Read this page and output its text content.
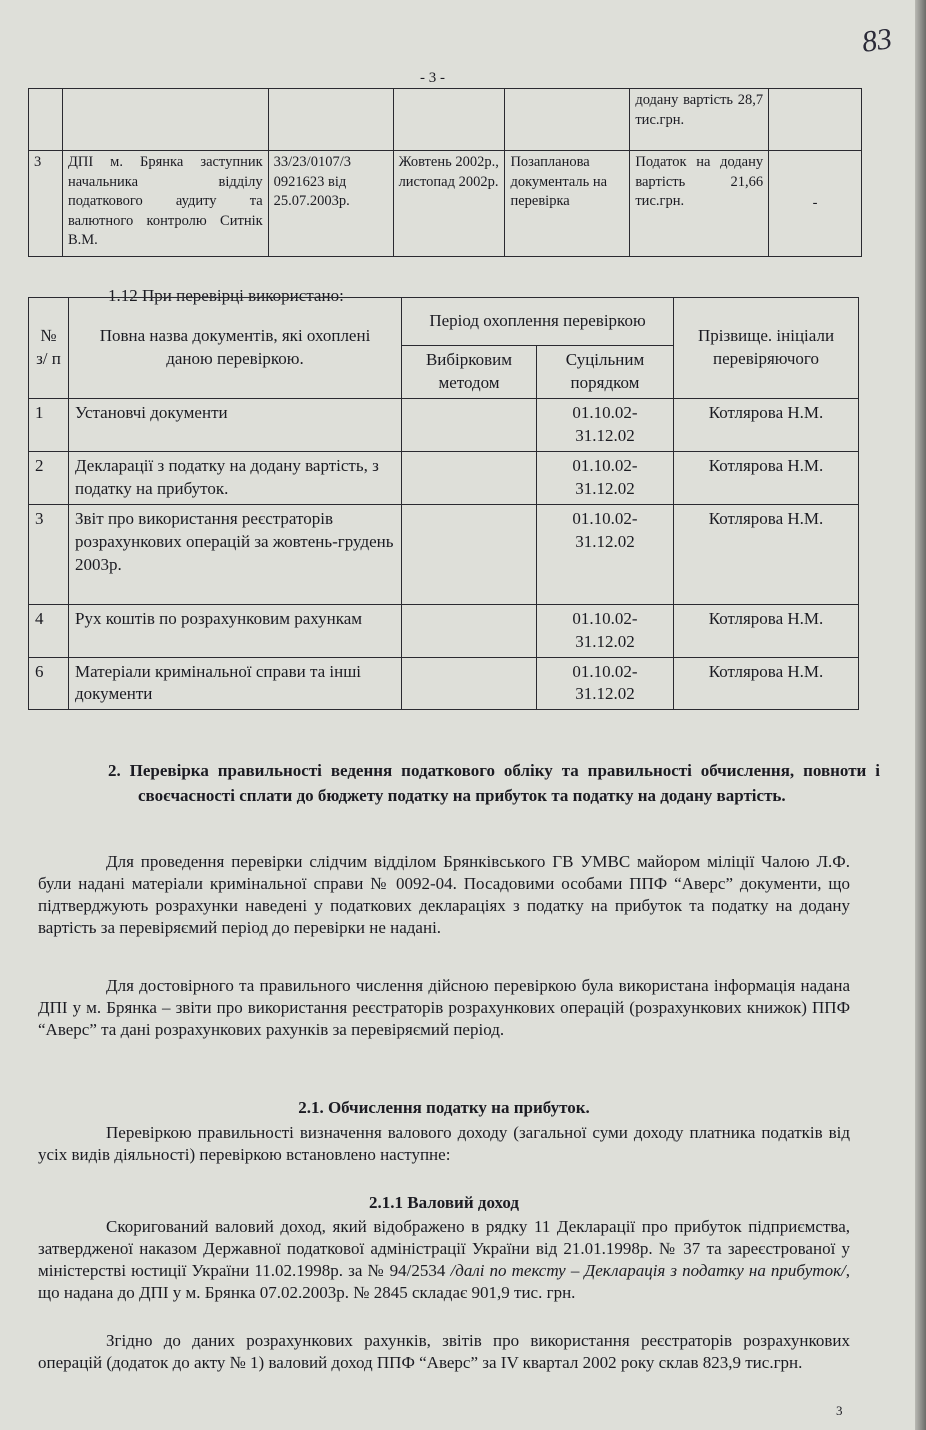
83
- 3 -
					додану вартість 28,7 тис.грн.	
3	ДПІ м. Брянка заступник начальника відділу податкового аудиту та валютного контролю Ситнік В.М.	33/23/0107/3 0921623 від 25.07.2003р.	Жовтень 2002р., листопад 2002р.	Позапланова документаль на перевірка	Податок на додану вартість 21,66 тис.грн.	-
1.12 При перевірці використано:
№ з/ п	Повна назва документів, які охоплені даною перевіркою.	Період охоплення перевіркою		Прізвище. ініціали перевіряючого
		Вибірковим методом	Суцільним порядком	
1	Установчі документи		01.10.02-31.12.02	Котлярова Н.М.
2	Декларації з податку на додану вартість, з податку на прибуток.		01.10.02-31.12.02	Котлярова Н.М.
3	Звіт про використання реєстраторів розрахункових операцій за жовтень-грудень 2003р.		01.10.02-31.12.02	Котлярова Н.М.
4	Рух коштів по розрахунковим рахункам		01.10.02-31.12.02	Котлярова Н.М.
6	Матеріали кримінальної справи та інші документи		01.10.02-31.12.02	Котлярова Н.М.
2. Перевірка правильності ведення податкового обліку та правильності обчислення, повноти і своєчасності сплати до бюджету податку на прибуток та податку на додану вартість.
Для проведення перевірки слідчим відділом Брянківського ГВ УМВС майором міліції Чалою Л.Ф. були надані матеріали кримінальної справи № 0092-04. Посадовими особами ППФ “Аверс” документи, що підтверджують розрахунки наведені у податкових деклараціях з податку на прибуток та податку на додану вартість за перевіряємий період до перевірки не надані.
Для достовірного та правильного числення дійсною перевіркою була використана інформація надана ДПІ у м. Брянка – звіти про використання реєстраторів розрахункових операцій (розрахункових книжок) ППФ “Аверс” та дані розрахункових рахунків за перевіряємий період.
2.1. Обчислення податку на прибуток.
Перевіркою правильності визначення валового доходу (загальної суми доходу платника податків від усіх видів діяльності) перевіркою встановлено наступне:
2.1.1 Валовий доход
Скоригований валовий доход, який відображено в рядку 11 Декларації про прибуток підприємства, затвердженої наказом Державної податкової адміністрації України від 21.01.1998р. № 37 та зареєстрованої у міністерстві юстиції України 11.02.1998р. за № 94/2534 /далі по тексту – Декларація з податку на прибуток/, що надана до ДПІ у м. Брянка 07.02.2003р. № 2845 складає 901,9 тис. грн.
Згідно до даних розрахункових рахунків, звітів про використання реєстраторів розрахункових операцій (додаток до акту № 1) валовий доход ППФ “Аверс” за IV квартал 2002 року склав 823,9 тис.грн.
3
